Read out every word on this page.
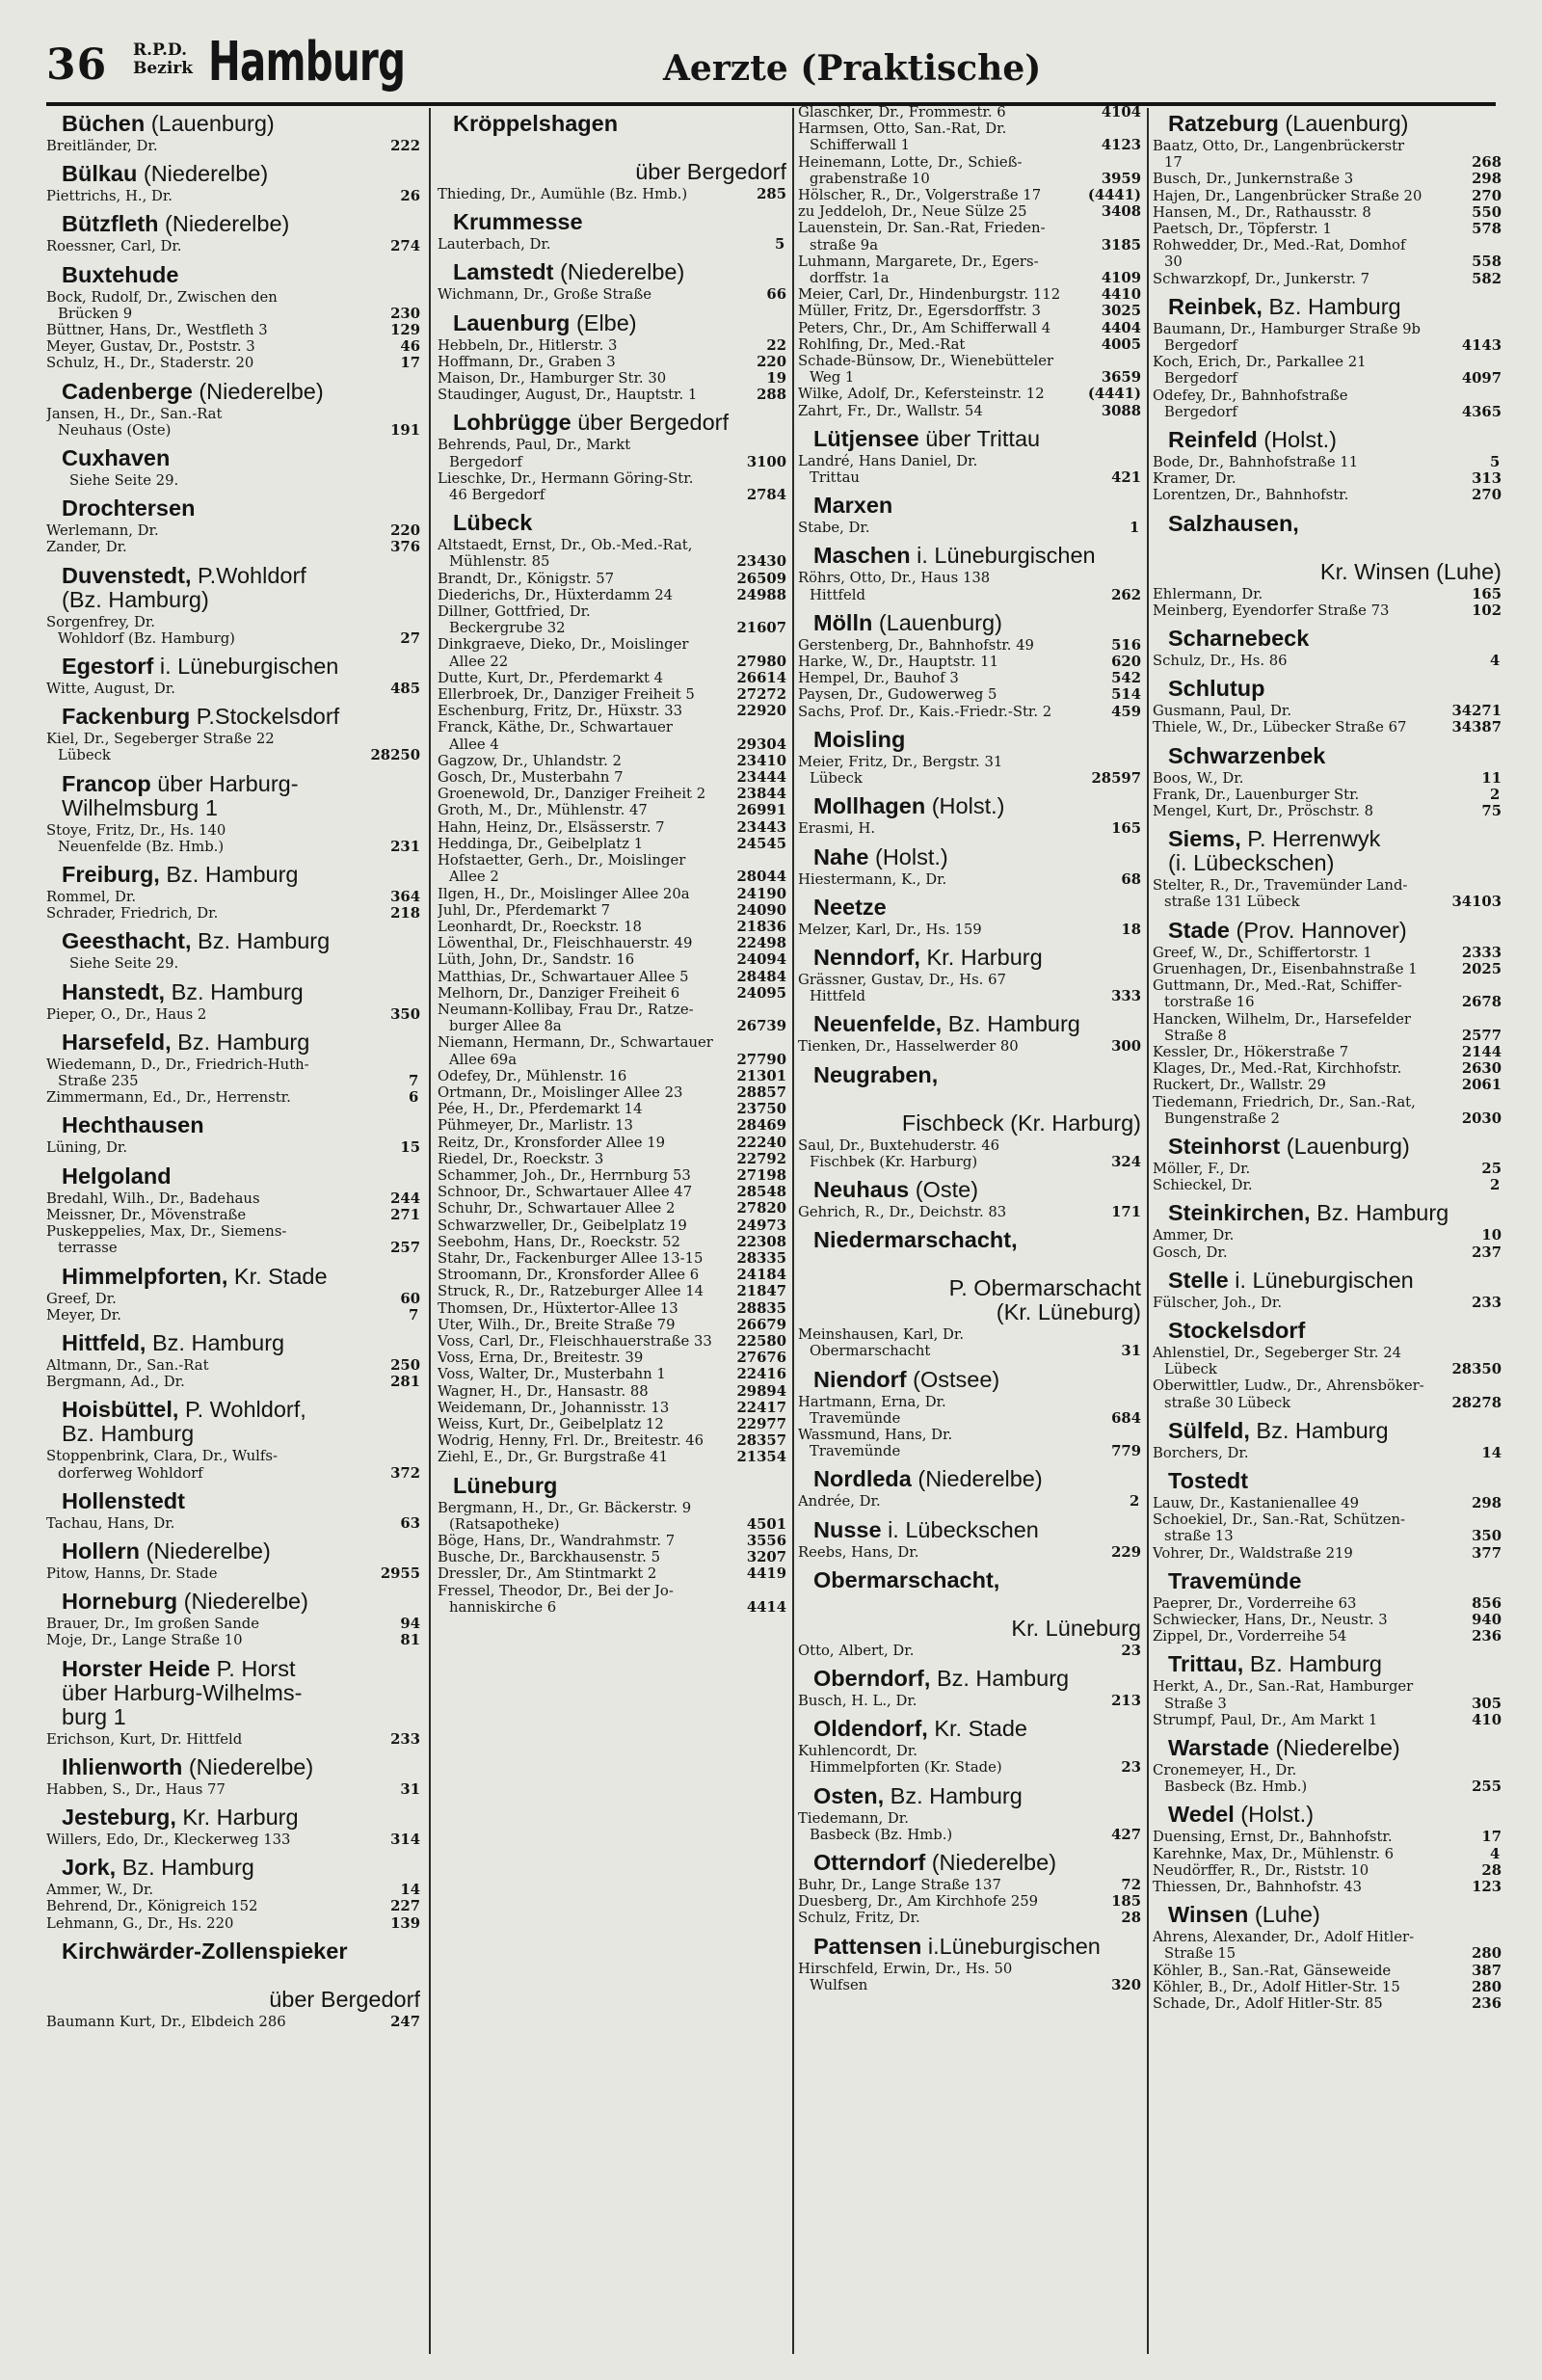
36 R.P.D.
Bezirk Hamburg	Aerzte (Praktische)
Büchen (Lauenburg)
Breitländer, Dr.	222
Bülkau (Niederelbe)
Piettrichs, H., Dr.	26
Bützfleth (Niederelbe)
Roessner, Carl, Dr.	274
Buxtehude
Bock, Rudolf, Dr., Zwischen den
Brücken 9	230
Büttner, Hans, Dr., Westfleth 3	129
Meyer, Gustav, Dr., Poststr. 3	46
Schulz, H., Dr., Staderstr. 20	17
Cadenberge (Niederelbe)
Jansen, H., Dr., San.-Rat
Neuhaus (Oste)	191
Cuxhaven
Siehe Seite 29.
Drochtersen
Werlemann, Dr.	220
Zander, Dr.	376
Duvenstedt, P.Wohldorf
(Bz. Hamburg)
Sorgenfrey, Dr.
Wohldorf (Bz. Hamburg)	27
Egestorf i. Lüneburgischen
Witte, August, Dr.	485
Fackenburg P.Stockelsdorf
Kiel, Dr., Segeberger Straße 22
Lübeck	28250
Francop über Harburg-
Wilhelmsburg 1
Stoye, Fritz, Dr., Hs. 140
Neuenfelde (Bz. Hmb.)	231
Freiburg, Bz. Hamburg
Rommel, Dr.	364
Schrader, Friedrich, Dr.	218
Geesthacht, Bz. Hamburg
Siehe Seite 29.
Hanstedt, Bz. Hamburg
Pieper, O., Dr., Haus 2	350
Harsefeld, Bz. Hamburg
Wiedemann, D., Dr., Friedrich-Huth-
Straße 235	7
Zimmermann, Ed., Dr., Herrenstr.	6
Hechthausen
Lüning, Dr.	15
Helgoland
Bredahl, Wilh., Dr., Badehaus	244
Meissner, Dr., Mövenstraße	271
Puskeppelies, Max, Dr., Siemens-
terrasse	257
Himmelpforten, Kr. Stade
Greef, Dr.	60
Meyer, Dr.	7
Hittfeld, Bz. Hamburg
Altmann, Dr., San.-Rat	250
Bergmann, Ad., Dr.	281
Hoisbüttel, P. Wohldorf,
Bz. Hamburg
Stoppenbrink, Clara, Dr., Wulfs-
dorferweg Wohldorf	372
Hollenstedt
Tachau, Hans, Dr.	63
Hollern (Niederelbe)
Pitow, Hanns, Dr. Stade	2955
Horneburg (Niederelbe)
Brauer, Dr., Im großen Sande	94
Moje, Dr., Lange Straße 10	81
Horster Heide P. Horst
über Harburg-Wilhelms-
burg 1
Erichson, Kurt, Dr. Hittfeld	233
Ihlienworth (Niederelbe)
Habben, S., Dr., Haus 77	31
Jesteburg, Kr. Harburg
Willers, Edo, Dr., Kleckerweg 133	314
Jork, Bz. Hamburg
Ammer, W., Dr.	14
Behrend, Dr., Königreich 152	227
Lehmann, G., Dr., Hs. 220	139
Kirchwärder-Zollenspieker

über Bergedorf
Baumann Kurt, Dr., Elbdeich 286	247
Kröppelshagen

über Bergedorf
Thieding, Dr., Aumühle (Bz. Hmb.)	285
Krummesse
Lauterbach, Dr.	5
Lamstedt (Niederelbe)
Wichmann, Dr., Große Straße	66
Lauenburg (Elbe)
Hebbeln, Dr., Hitlerstr. 3	22
Hoffmann, Dr., Graben 3	220
Maison, Dr., Hamburger Str. 30	19
Staudinger, August, Dr., Hauptstr. 1	288
Lohbrügge über Bergedorf
Behrends, Paul, Dr., Markt
Bergedorf	3100
Lieschke, Dr., Hermann Göring-Str.
46 Bergedorf	2784
Lübeck
Altstaedt, Ernst, Dr., Ob.-Med.-Rat,
Mühlenstr. 85	23430
Brandt, Dr., Königstr. 57	26509
Diederichs, Dr., Hüxterdamm 24	24988
Dillner, Gottfried, Dr.
Beckergrube 32	21607
Dinkgraeve, Dieko, Dr., Moislinger
Allee 22	27980
Dutte, Kurt, Dr., Pferdemarkt 4	26614
Ellerbroek, Dr., Danziger Freiheit 5	27272
Eschenburg, Fritz, Dr., Hüxstr. 33	22920
Franck, Käthe, Dr., Schwartauer
Allee 4	29304
Gagzow, Dr., Uhlandstr. 2	23410
Gosch, Dr., Musterbahn 7	23444
Groenewold, Dr., Danziger Freiheit 2	23844
Groth, M., Dr., Mühlenstr. 47	26991
Hahn, Heinz, Dr., Elsässerstr. 7	23443
Heddinga, Dr., Geibelplatz 1	24545
Hofstaetter, Gerh., Dr., Moislinger
Allee 2	28044
Ilgen, H., Dr., Moislinger Allee 20a	24190
Juhl, Dr., Pferdemarkt 7	24090
Leonhardt, Dr., Roeckstr. 18	21836
Löwenthal, Dr., Fleischhauerstr. 49	22498
Lüth, John, Dr., Sandstr. 16	24094
Matthias, Dr., Schwartauer Allee 5	28484
Melhorn, Dr., Danziger Freiheit 6	24095
Neumann-Kollibay, Frau Dr., Ratze-
burger Allee 8a	26739
Niemann, Hermann, Dr., Schwartauer
Allee 69a	27790
Odefey, Dr., Mühlenstr. 16	21301
Ortmann, Dr., Moislinger Allee 23	28857
Pée, H., Dr., Pferdemarkt 14	23750
Pühmeyer, Dr., Marlistr. 13	28469
Reitz, Dr., Kronsforder Allee 19	22240
Riedel, Dr., Roeckstr. 3	22792
Schammer, Joh., Dr., Herrnburg 53	27198
Schnoor, Dr., Schwartauer Allee 47	28548
Schuhr, Dr., Schwartauer Allee 2	27820
Schwarzweller, Dr., Geibelplatz 19	24973
Seebohm, Hans, Dr., Roeckstr. 52	22308
Stahr, Dr., Fackenburger Allee 13-15	28335
Stroomann, Dr., Kronsforder Allee 6	24184
Struck, R., Dr., Ratzeburger Allee 14	21847
Thomsen, Dr., Hüxtertor-Allee 13	28835
Uter, Wilh., Dr., Breite Straße 79	26679
Voss, Carl, Dr., Fleischhauerstraße 33	22580
Voss, Erna, Dr., Breitestr. 39	27676
Voss, Walter, Dr., Musterbahn 1	22416
Wagner, H., Dr., Hansastr. 88	29894
Weidemann, Dr., Johannisstr. 13	22417
Weiss, Kurt, Dr., Geibelplatz 12	22977
Wodrig, Henny, Frl. Dr., Breitestr. 46	28357
Ziehl, E., Dr., Gr. Burgstraße 41	21354
Lüneburg
Bergmann, H., Dr., Gr. Bäckerstr. 9
(Ratsapotheke)	4501
Böge, Hans, Dr., Wandrahmstr. 7	3556
Busche, Dr., Barckhausenstr. 5	3207
Dressler, Dr., Am Stintmarkt 2	4419
Fressel, Theodor, Dr., Bei der Jo-
hanniskirche 6	4414
Glaschker, Dr., Frommestr. 6	4104
Harmsen, Otto, San.-Rat, Dr.
Schifferwall 1	4123
Heinemann, Lotte, Dr., Schieß-
grabenstraße 10	3959
Hölscher, R., Dr., Volgerstraße 17	(4441)
zu Jeddeloh, Dr., Neue Sülze 25	3408
Lauenstein, Dr. San.-Rat, Frieden-
straße 9a	3185
Luhmann, Margarete, Dr., Egers-
dorffstr. 1a	4109
Meier, Carl, Dr., Hindenburgstr. 112	4410
Müller, Fritz, Dr., Egersdorffstr. 3	3025
Peters, Chr., Dr., Am Schifferwall 4	4404
Rohlfing, Dr., Med.-Rat	4005
Schade-Bünsow, Dr., Wienebütteler
Weg 1	3659
Wilke, Adolf, Dr., Kefersteinstr. 12	(4441)
Zahrt, Fr., Dr., Wallstr. 54	3088
Lütjensee über Trittau
Landré, Hans Daniel, Dr.
Trittau	421
Marxen
Stabe, Dr.	1
Maschen i. Lüneburgischen
Röhrs, Otto, Dr., Haus 138
Hittfeld	262
Mölln (Lauenburg)
Gerstenberg, Dr., Bahnhofstr. 49	516
Harke, W., Dr., Hauptstr. 11	620
Hempel, Dr., Bauhof 3	542
Paysen, Dr., Gudowerweg 5	514
Sachs, Prof. Dr., Kais.-Friedr.-Str. 2	459
Moisling
Meier, Fritz, Dr., Bergstr. 31
Lübeck	28597
Mollhagen (Holst.)
Erasmi, H.	165
Nahe (Holst.)
Hiestermann, K., Dr.	68
Neetze
Melzer, Karl, Dr., Hs. 159	18
Nenndorf, Kr. Harburg
Grässner, Gustav, Dr., Hs. 67
Hittfeld	333
Neuenfelde, Bz. Hamburg
Tienken, Dr., Hasselwerder 80	300
Neugraben,

Fischbeck (Kr. Harburg)
Saul, Dr., Buxtehuderstr. 46
Fischbek (Kr. Harburg)	324
Neuhaus (Oste)
Gehrich, R., Dr., Deichstr. 83	171
Niedermarschacht,

P. Obermarschacht
(Kr. Lüneburg)
Meinshausen, Karl, Dr.
Obermarschacht	31
Niendorf (Ostsee)
Hartmann, Erna, Dr.
Travemünde	684
Wassmund, Hans, Dr.
Travemünde	779
Nordleda (Niederelbe)
Andrée, Dr.	2
Nusse i. Lübeckschen
Reebs, Hans, Dr.	229
Obermarschacht,

Kr. Lüneburg
Otto, Albert, Dr.	23
Oberndorf, Bz. Hamburg
Busch, H. L., Dr.	213
Oldendorf, Kr. Stade
Kuhlencordt, Dr.
Himmelpforten (Kr. Stade)	23
Osten, Bz. Hamburg
Tiedemann, Dr.
Basbeck (Bz. Hmb.)	427
Otterndorf (Niederelbe)
Buhr, Dr., Lange Straße 137	72
Duesberg, Dr., Am Kirchhofe 259	185
Schulz, Fritz, Dr.	28
Pattensen i.Lüneburgischen
Hirschfeld, Erwin, Dr., Hs. 50
Wulfsen	320
Ratzeburg (Lauenburg)
Baatz, Otto, Dr., Langenbrückerstr
17	268
Busch, Dr., Junkernstraße 3	298
Hajen, Dr., Langenbrücker Straße 20	270
Hansen, M., Dr., Rathausstr. 8	550
Paetsch, Dr., Töpferstr. 1	578
Rohwedder, Dr., Med.-Rat, Domhof
30	558
Schwarzkopf, Dr., Junkerstr. 7	582
Reinbek, Bz. Hamburg
Baumann, Dr., Hamburger Straße 9b
Bergedorf	4143
Koch, Erich, Dr., Parkallee 21
Bergedorf	4097
Odefey, Dr., Bahnhofstraße
Bergedorf	4365
Reinfeld (Holst.)
Bode, Dr., Bahnhofstraße 11	5
Kramer, Dr.	313
Lorentzen, Dr., Bahnhofstr.	270
Salzhausen,

Kr. Winsen (Luhe)
Ehlermann, Dr.	165
Meinberg, Eyendorfer Straße 73	102
Scharnebeck
Schulz, Dr., Hs. 86	4
Schlutup
Gusmann, Paul, Dr.	34271
Thiele, W., Dr., Lübecker Straße 67	34387
Schwarzenbek
Boos, W., Dr.	11
Frank, Dr., Lauenburger Str.	2
Mengel, Kurt, Dr., Pröschstr. 8	75
Siems, P. Herrenwyk
(i. Lübeckschen)
Stelter, R., Dr., Travemünder Land-
straße 131 Lübeck	34103
Stade (Prov. Hannover)
Greef, W., Dr., Schiffertorstr. 1	2333
Gruenhagen, Dr., Eisenbahnstraße 1	2025
Guttmann, Dr., Med.-Rat, Schiffer-
torstraße 16	2678
Hancken, Wilhelm, Dr., Harsefelder
Straße 8	2577
Kessler, Dr., Hökerstraße 7	2144
Klages, Dr., Med.-Rat, Kirchhofstr.	2630
Ruckert, Dr., Wallstr. 29	2061
Tiedemann, Friedrich, Dr., San.-Rat,
Bungenstraße 2	2030
Steinhorst (Lauenburg)
Möller, F., Dr.	25
Schieckel, Dr.	2
Steinkirchen, Bz. Hamburg
Ammer, Dr.	10
Gosch, Dr.	237
Stelle i. Lüneburgischen
Fülscher, Joh., Dr.	233
Stockelsdorf
Ahlenstiel, Dr., Segeberger Str. 24
Lübeck	28350
Oberwittler, Ludw., Dr., Ahrensböker-
straße 30 Lübeck	28278
Sülfeld, Bz. Hamburg
Borchers, Dr.	14
Tostedt
Lauw, Dr., Kastanienallee 49	298
Schoekiel, Dr., San.-Rat, Schützen-
straße 13	350
Vohrer, Dr., Waldstraße 219	377
Travemünde
Paeprer, Dr., Vorderreihe 63	856
Schwiecker, Hans, Dr., Neustr. 3	940
Zippel, Dr., Vorderreihe 54	236
Trittau, Bz. Hamburg
Herkt, A., Dr., San.-Rat, Hamburger
Straße 3	305
Strumpf, Paul, Dr., Am Markt 1	410
Warstade (Niederelbe)
Cronemeyer, H., Dr.
Basbeck (Bz. Hmb.)	255
Wedel (Holst.)
Duensing, Ernst, Dr., Bahnhofstr.	17
Karehnke, Max, Dr., Mühlenstr. 6	4
Neudörffer, R., Dr., Riststr. 10	28
Thiessen, Dr., Bahnhofstr. 43	123
Winsen (Luhe)
Ahrens, Alexander, Dr., Adolf Hitler-
Straße 15	280
Köhler, B., San.-Rat, Gänseweide	387
Köhler, B., Dr., Adolf Hitler-Str. 15	280
Schade, Dr., Adolf Hitler-Str. 85	236
